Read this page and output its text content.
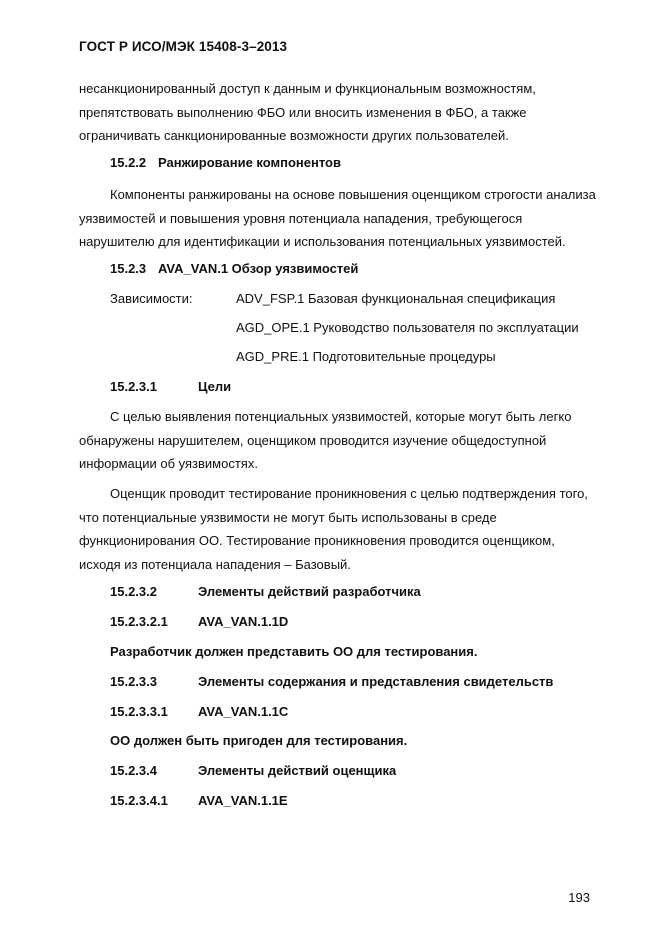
ГОСТ Р ИСО/МЭК 15408-3–2013

несанкционированный доступ к данным и функциональным возможностям,

препятствовать выполнению ФБО или вносить изменения в ФБО, а также

ограничивать санкционированные возможности других пользователей.

15.2.2 Ранжирование компонентов

Компоненты ранжированы на основе повышения оценщиком строгости анализа

уязвимостей и повышения уровня потенциала нападения, требующегося

нарушителю для идентификации и использования потенциальных уязвимостей.

15.2.3 AVA_VAN.1 Обзор уязвимостей
Зависимости:	ADV_FSP.1 Базовая функциональная спецификация
AGD_OPE.1 Руководство пользователя по эксплуатации
AGD_PRE.1 Подготовительные процедуры
15.2.3.1	Цели

С целью выявления потенциальных уязвимостей, которые могут быть легко

обнаружены нарушителем, оценщиком проводится изучение общедоступной

информации об уязвимостях.

Оценщик проводит тестирование проникновения с целью подтверждения того,

что потенциальные уязвимости не могут быть использованы в среде

функционирования ОО. Тестирование проникновения проводится оценщиком,

исходя из потенциала нападения – Базовый.

15.2.3.2	Элементы действий разработчика
15.2.3.2.1 AVA_VAN.1.1D
Разработчик должен представить ОО для тестирования.
15.2.3.3	Элементы содержания и представления свидетельств
15.2.3.3.1 AVA_VAN.1.1C
ОО должен быть пригоден для тестирования.
15.2.3.4	Элементы действий оценщика
15.2.3.4.1 AVA_VAN.1.1E
193
